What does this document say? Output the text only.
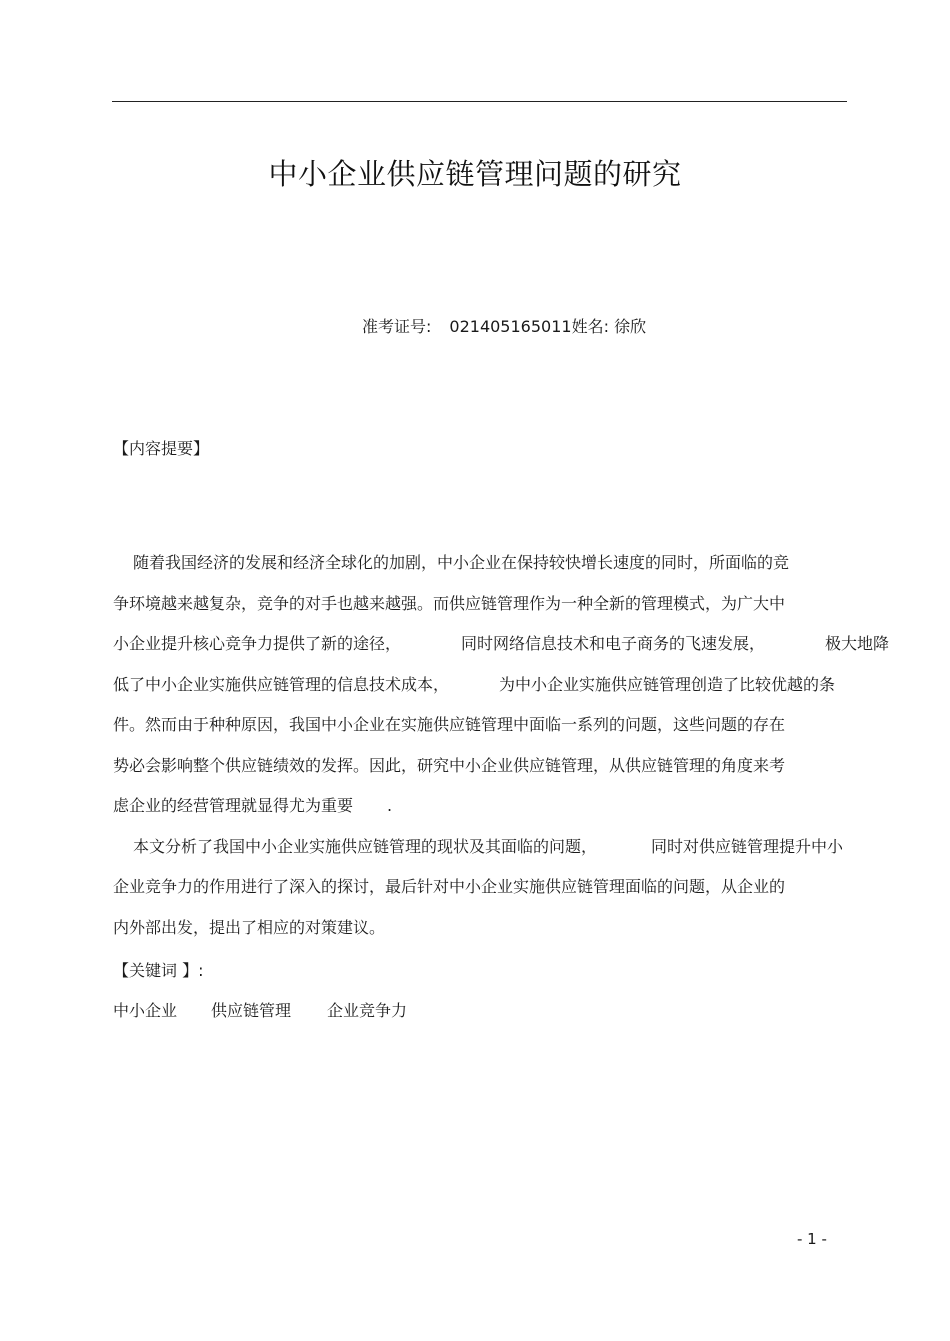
中小企业供应链管理问题的研究
准考证号: 021405165011姓名: 徐欣
【内容提要】
随着我国经济的发展和经济全球化的加剧，中小企业在保持较快增长速度的同时，所面临的竞
争环境越来越复杂，竞争的对手也越来越强。而供应链管理作为一种全新的管理模式，为广大中
小企业提升核心竞争力提供了新的途径，	同时网络信息技术和电子商务的飞速发展，	极大地降
低了中小企业实施供应链管理的信息技术成本，	为中小企业实施供应链管理创造了比较优越的条
件。然而由于种种原因，我国中小企业在实施供应链管理中面临一系列的问题，这些问题的存在
势必会影响整个供应链绩效的发挥。因此，研究中小企业供应链管理，从供应链管理的角度来考
虑企业的经营管理就显得尤为重要 .
本文分析了我国中小企业实施供应链管理的现状及其面临的问题，	同时对供应链管理提升中小
企业竞争力的作用进行了深入的探讨，最后针对中小企业实施供应链管理面临的问题，从企业的
内外部出发，提出了相应的对策建议。
【关键词 】:
中小企业 供应链管理 企业竞争力
- 1 -
